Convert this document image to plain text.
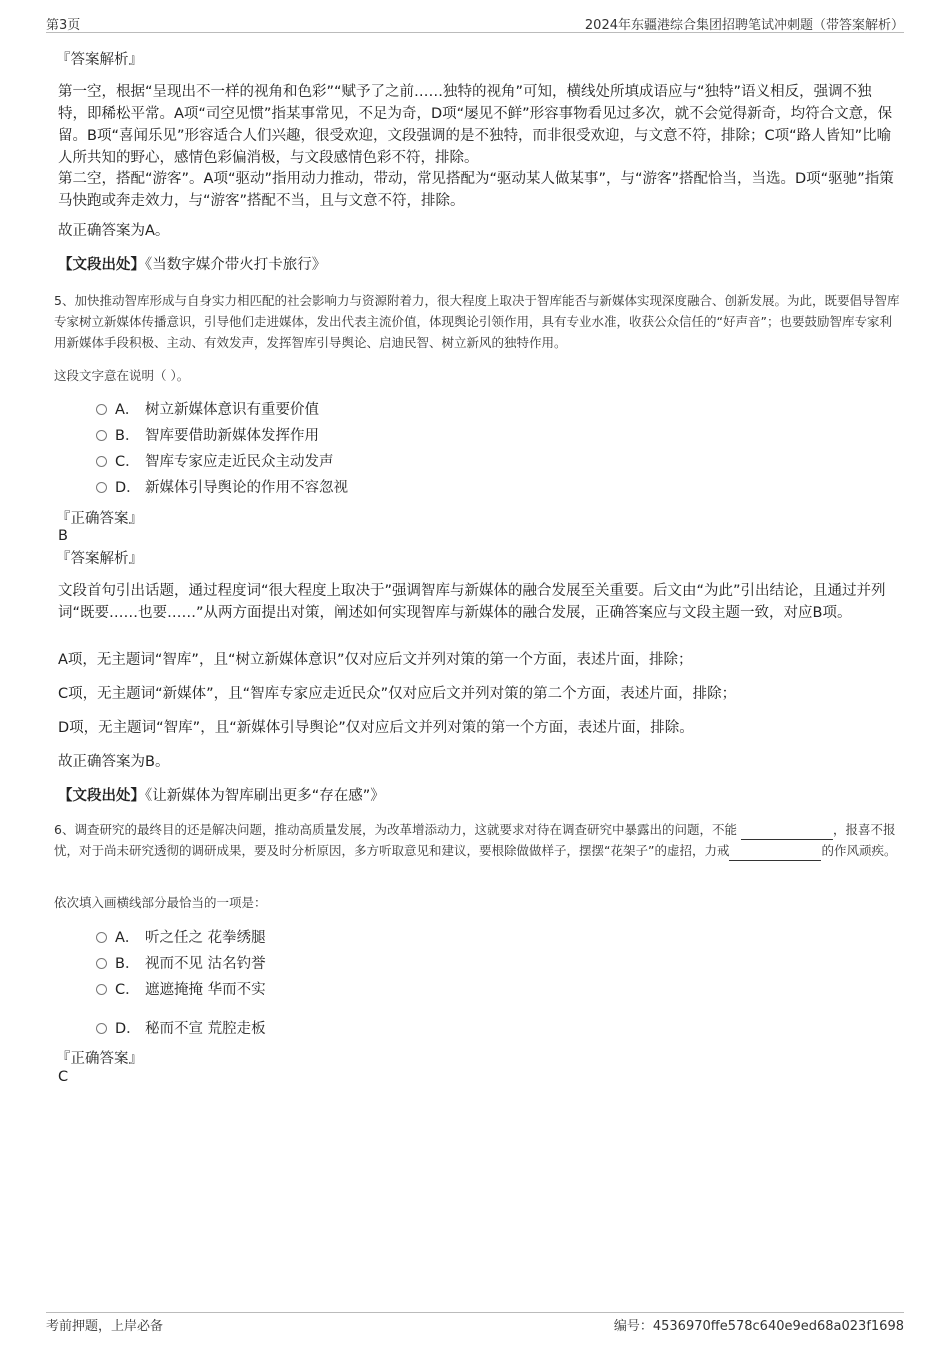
第3页	2024年东疆港综合集团招聘笔试冲刺题（带答案解析）
『答案解析』
第一空，根据“呈现出不一样的视角和色彩”“赋予了之前……独特的视角”可知，横线处所填成语应与“独特”语义相反，强调不独特，即稀松平常。A项“司空见惯”指某事常见，不足为奇，D项“屡见不鲜”形容事物看见过多次，就不会觉得新奇，均符合文意，保留。B项“喜闻乐见”形容适合人们兴趣，很受欢迎，文段强调的是不独特，而非很受欢迎，与文意不符，排除；C项“路人皆知”比喻人所共知的野心，感情色彩偏消极，与文段感情色彩不符，排除。
第二空，搭配“游客”。A项“驱动”指用动力推动，带动，常见搭配为“驱动某人做某事”，与“游客”搭配恰当，当选。D项“驱驰”指策马快跑或奔走效力，与“游客”搭配不当，且与文意不符，排除。
故正确答案为A。
【文段出处】《当数字媒介带火打卡旅行》
5、加快推动智库形成与自身实力相匹配的社会影响力与资源附着力，很大程度上取决于智库能否与新媒体实现深度融合、创新发展。为此，既要倡导智库专家树立新媒体传播意识，引导他们走进媒体，发出代表主流价值，体现舆论引领作用，具有专业水准，收获公众信任的“好声音”；也要鼓励智库专家利用新媒体手段积极、主动、有效发声，发挥智库引导舆论、启迪民智、树立新风的独特作用。
这段文字意在说明（ ）。
A． 树立新媒体意识有重要价值
B． 智库要借助新媒体发挥作用
C． 智库专家应走近民众主动发声
D． 新媒体引导舆论的作用不容忽视
『正确答案』
B
『答案解析』
文段首句引出话题，通过程度词“很大程度上取决于”强调智库与新媒体的融合发展至关重要。后文由“为此”引出结论，且通过并列词“既要……也要……”从两方面提出对策，阐述如何实现智库与新媒体的融合发展，正确答案应与文段主题一致，对应B项。
A项，无主题词“智库”，且“树立新媒体意识”仅对应后文并列对策的第一个方面，表述片面，排除；
C项，无主题词“新媒体”，且“智库专家应走近民众”仅对应后文并列对策的第二个方面，表述片面，排除；
D项，无主题词“智库”，且“新媒体引导舆论”仅对应后文并列对策的第一个方面，表述片面，排除。
故正确答案为B。
【文段出处】《让新媒体为智库刷出更多“存在感”》
6、调查研究的最终目的还是解决问题，推动高质量发展，为改革增添动力，这就要求对待在调查研究中暴露出的问题，不能	，报喜不报忧，对于尚未研究透彻的调研成果，要及时分析原因，多方听取意见和建议，要根除做做样子，摆摆“花架子”的虚招，力戒	的作风顽疾。
依次填入画横线部分最恰当的一项是：
A． 听之任之 花拳绣腿
B． 视而不见 沽名钓誉
C． 遮遮掩掩 华而不实
D． 秘而不宣 荒腔走板
『正确答案』
C
考前押题，上岸必备	编号：4536970ffe578c640e9ed68a023f1698
